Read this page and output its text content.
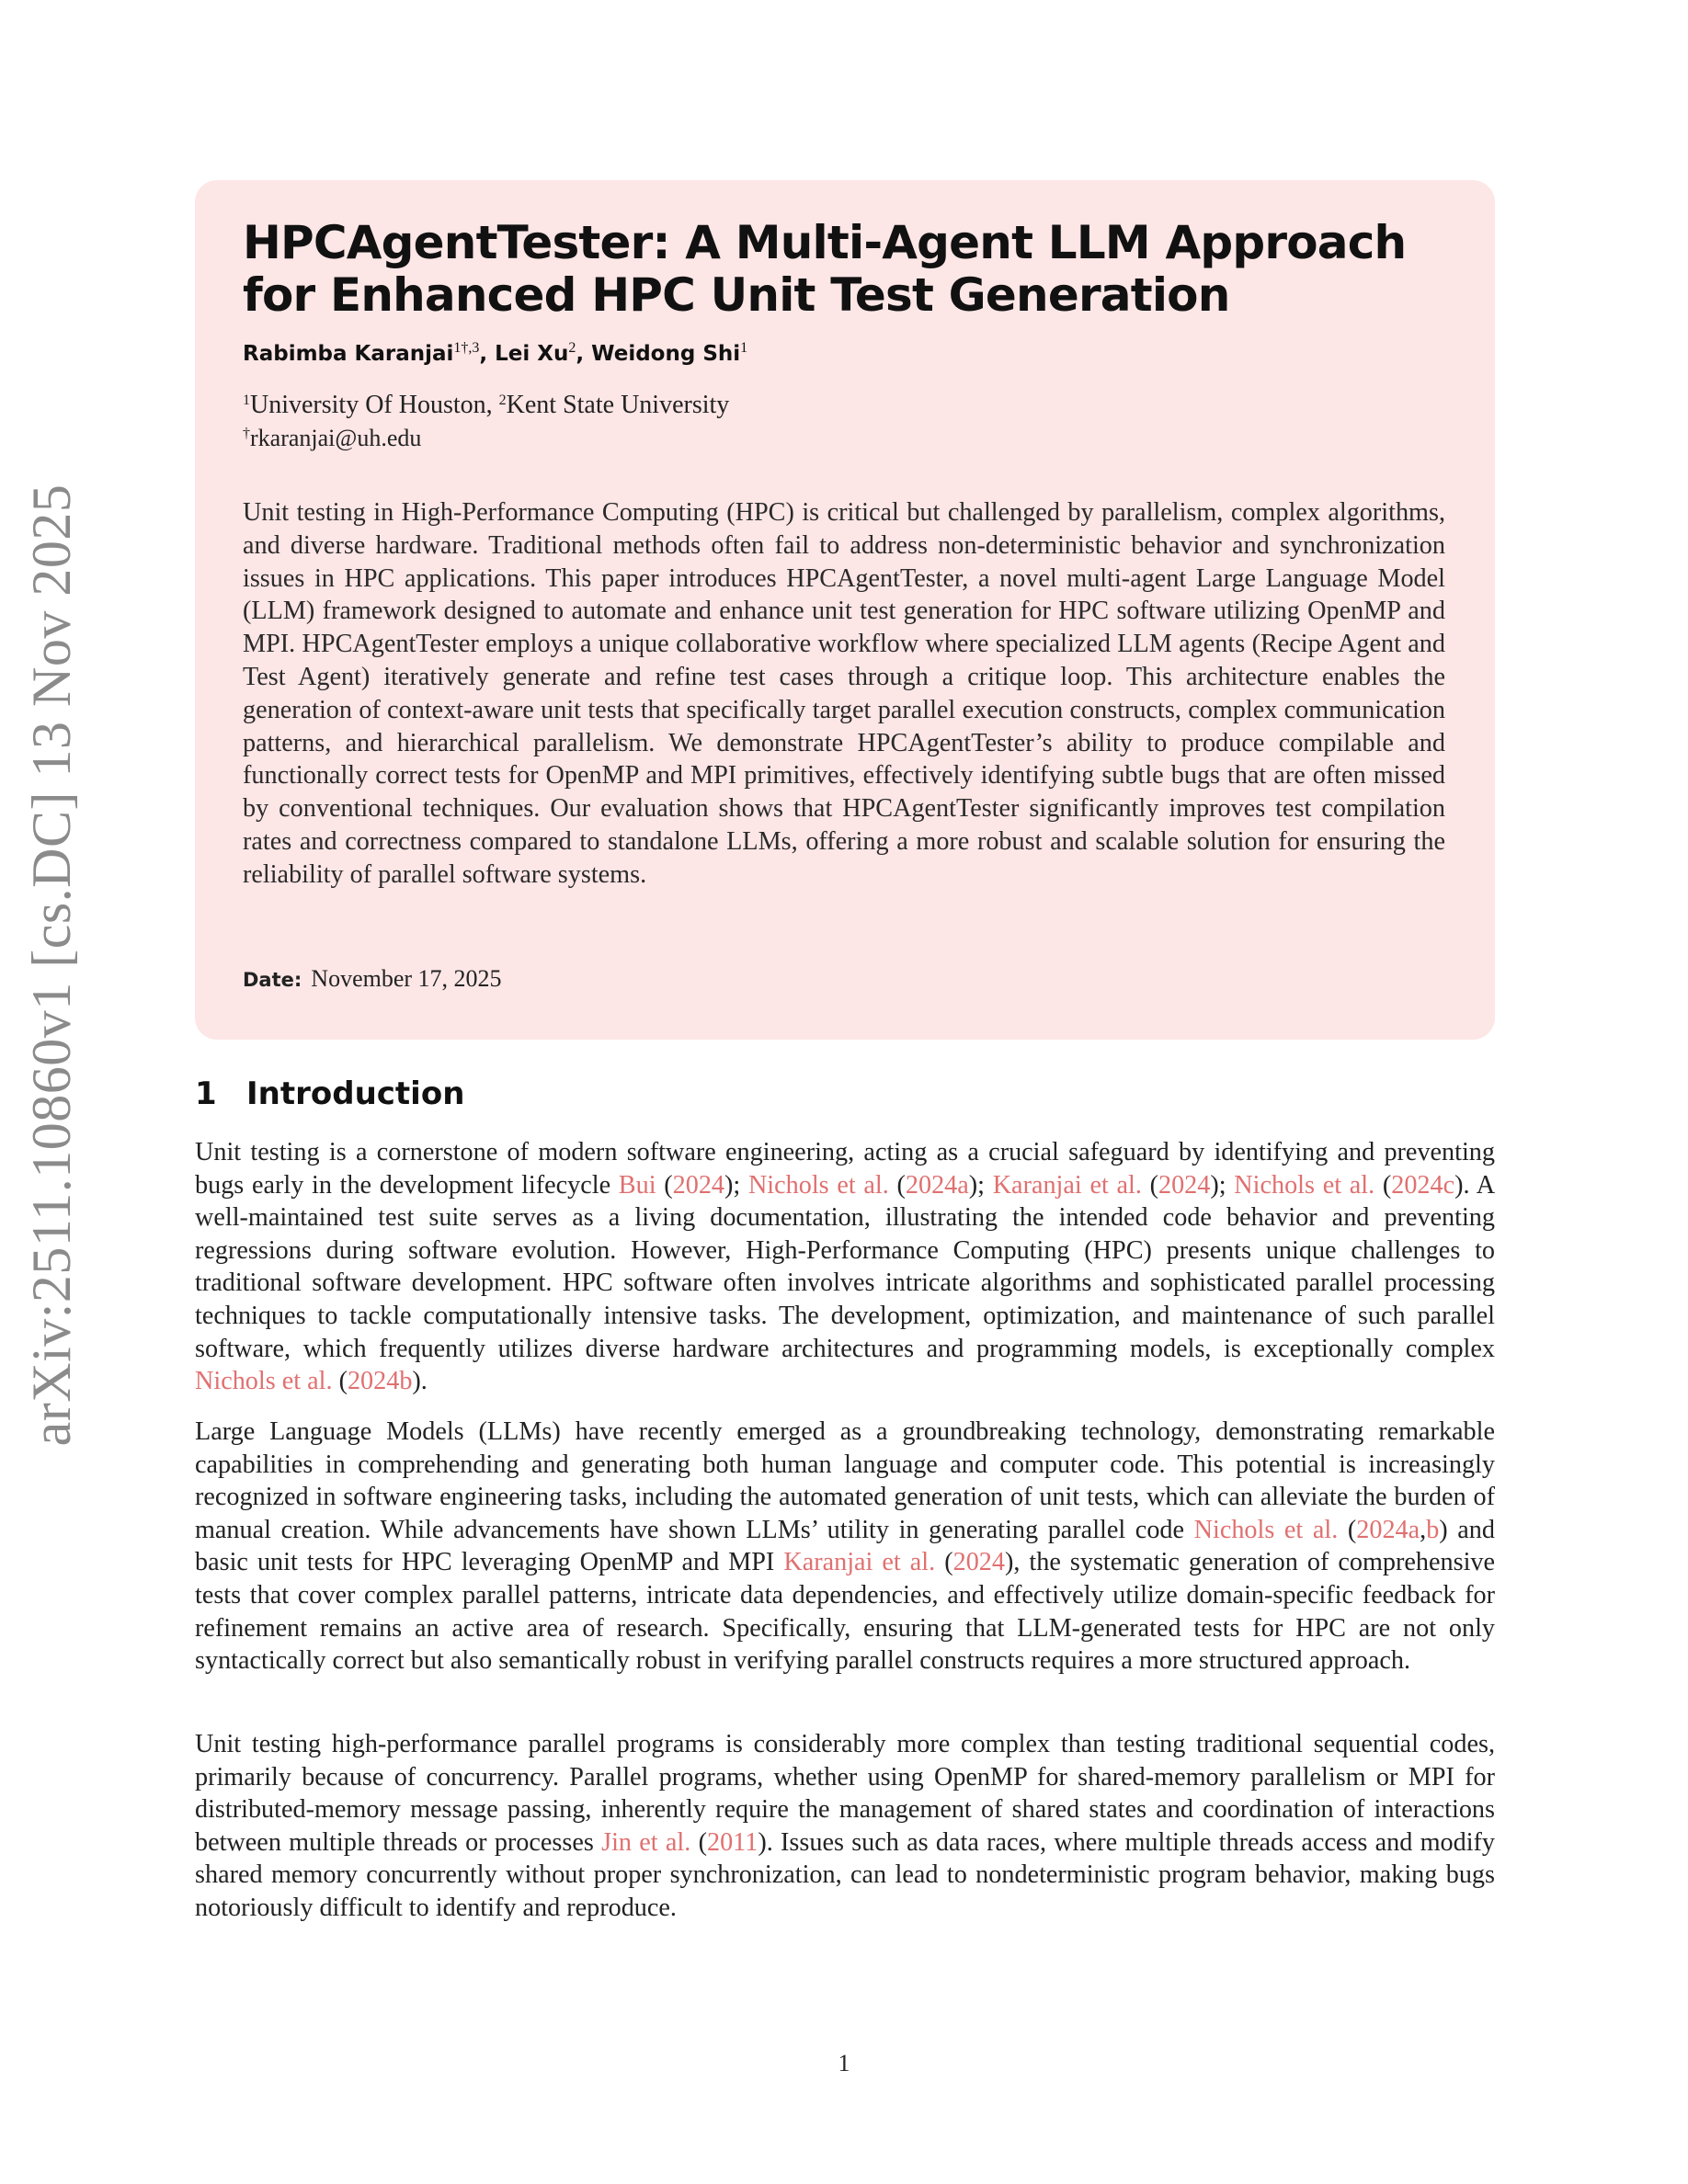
arXiv:2511.10860v1 [cs.DC] 13 Nov 2025
HPCAgentTester: A Multi-Agent LLM Approach for Enhanced HPC Unit Test Generation
Rabimba Karanjai$^{1\dagger,3}$, Lei Xu$^2$, Weidong Shi$^1$
$^1$University Of Houston, $^2$Kent State University
†rkaranjai@uh.edu

Unit testing in High-Performance Computing (HPC) is critical but challenged by parallelism, complex algorithms, and diverse hardware. Traditional methods often fail to address non-deterministic behavior and synchronization issues in HPC applications. This paper introduces HPCAgentTester, a novel multi-agent Large Language Model (LLM) framework designed to automate and enhance unit test generation for HPC software utilizing OpenMP and MPI. HPCAgentTester employs a unique collaborative workflow where specialized LLM agents (Recipe Agent and Test Agent) iteratively generate and refine test cases through a critique loop. This architecture enables the generation of context-aware unit tests that specifically target parallel execution constructs, complex communication patterns, and hierarchical parallelism. We demonstrate HPCAgentTester’s ability to produce compilable and functionally correct tests for OpenMP and MPI primitives, effectively identifying subtle bugs that are often missed by conventional techniques. Our evaluation shows that HPCAgentTester significantly improves test compilation rates and correctness compared to standalone LLMs, offering a more robust and scalable solution for ensuring the reliability of parallel software systems.

Date: November 17, 2025
1 Introduction

Unit testing is a cornerstone of modern software engineering, acting as a crucial safeguard by identifying and preventing bugs early in the development lifecycle Bui (2024); Nichols et al. (2024a); Karanjai et al. (2024); Nichols et al. (2024c). A well-maintained test suite serves as a living documentation, illustrating the intended code behavior and preventing regressions during software evolution. However, High-Performance Computing (HPC) presents unique challenges to traditional software development. HPC software often involves intricate algorithms and sophisticated parallel processing techniques to tackle computationally intensive tasks. The development, optimization, and maintenance of such parallel software, which frequently utilizes diverse hardware architectures and programming models, is exceptionally complex Nichols et al. (2024b).

Large Language Models (LLMs) have recently emerged as a groundbreaking technology, demonstrating remarkable capabilities in comprehending and generating both human language and computer code. This potential is increasingly recognized in software engineering tasks, including the automated generation of unit tests, which can alleviate the burden of manual creation. While advancements have shown LLMs’ utility in generating parallel code Nichols et al. (2024a,b) and basic unit tests for HPC leveraging OpenMP and MPI Karanjai et al. (2024), the systematic generation of comprehensive tests that cover complex parallel patterns, intricate data dependencies, and effectively utilize domain-specific feedback for refinement remains an active area of research. Specifically, ensuring that LLM-generated tests for HPC are not only syntactically correct but also semantically robust in verifying parallel constructs requires a more structured approach.

Unit testing high-performance parallel programs is considerably more complex than testing traditional sequential codes, primarily because of concurrency. Parallel programs, whether using OpenMP for shared-memory parallelism or MPI for distributed-memory message passing, inherently require the management of shared states and coordination of interactions between multiple threads or processes Jin et al. (2011). Issues such as data races, where multiple threads access and modify shared memory concurrently without proper synchronization, can lead to nondeterministic program behavior, making bugs notoriously difficult to identify and reproduce.

1
